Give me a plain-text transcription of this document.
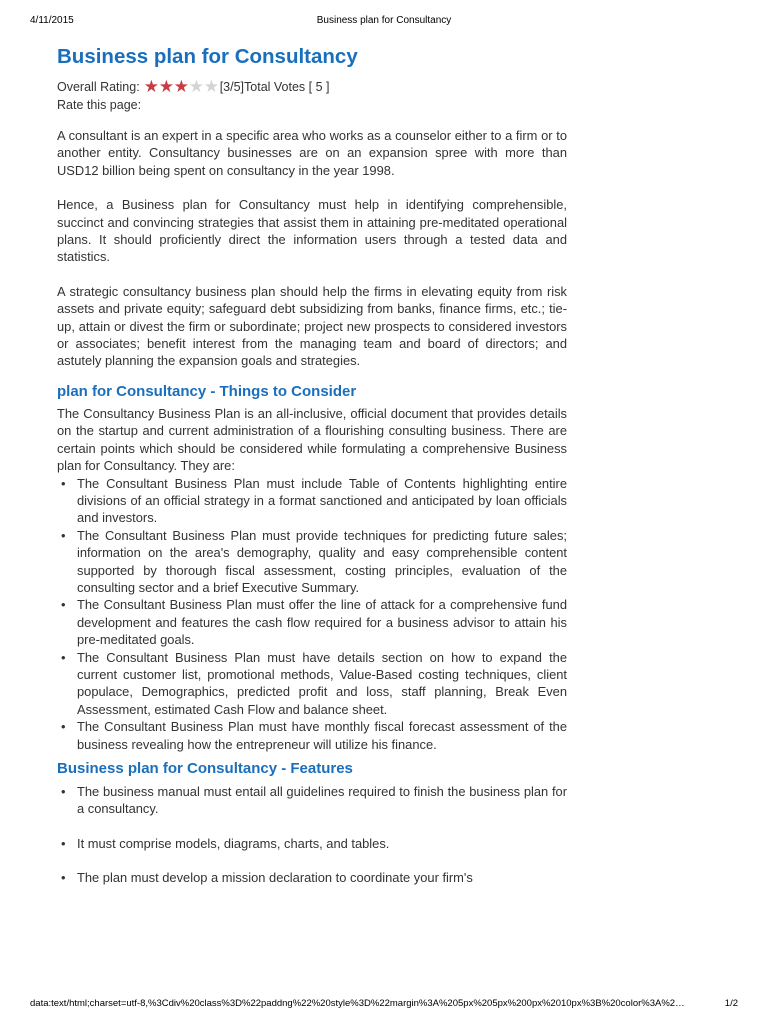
4/11/2015	Business plan for Consultancy
Business plan for Consultancy
Overall Rating: ★ ★ ★ ★ ★ [3/5] Total Votes [ 5 ]
Rate this page:

A consultant is an expert in a specific area who works as a counselor either to a firm or to another entity. Consultancy businesses are on an expansion spree with more than USD12 billion being spent on consultancy in the year 1998.

Hence, a Business plan for Consultancy must help in identifying comprehensible, succinct and convincing strategies that assist them in attaining pre-meditated operational plans. It should proficiently direct the information users through a tested data and statistics.

A strategic consultancy business plan should help the firms in elevating equity from risk assets and private equity; safeguard debt subsidizing from banks, finance firms, etc.; tie-up, attain or divest the firm or subordinate; project new prospects to considered investors or associates; benefit interest from the managing team and board of directors; and astutely planning the expansion goals and strategies.

plan for Consultancy - Things to Consider

The Consultancy Business Plan is an all-inclusive, official document that provides details on the startup and current administration of a flourishing consulting business. There are certain points which should be considered while formulating a comprehensive Business plan for Consultancy. They are:

• The Consultant Business Plan must include Table of Contents highlighting entire divisions of an official strategy in a format sanctioned and anticipated by loan officials and investors.
• The Consultant Business Plan must provide techniques for predicting future sales; information on the area's demography, quality and easy comprehensible content supported by thorough fiscal assessment, costing principles, evaluation of the consulting sector and a brief Executive Summary.
• The Consultant Business Plan must offer the line of attack for a comprehensive fund development and features the cash flow required for a business advisor to attain his pre-meditated goals.
• The Consultant Business Plan must have details section on how to expand the current customer list, promotional methods, Value-Based costing techniques, client populace, Demographics, predicted profit and loss, staff planning, Break Even Assessment, estimated Cash Flow and balance sheet.
• The Consultant Business Plan must have monthly fiscal forecast assessment of the business revealing how the entrepreneur will utilize his finance.
Business plan for Consultancy - Features
• The business manual must entail all guidelines required to finish the business plan for a consultancy.
• It must comprise models, diagrams, charts, and tables.
• The plan must develop a mission declaration to coordinate your firm's
data:text/html;charset=utf-8,%3Cdiv%20class%3D%22paddng%22%20style%3D%22margin%3A%205px%205px%200px%2010px%3B%20color%3A%2…	1/2
